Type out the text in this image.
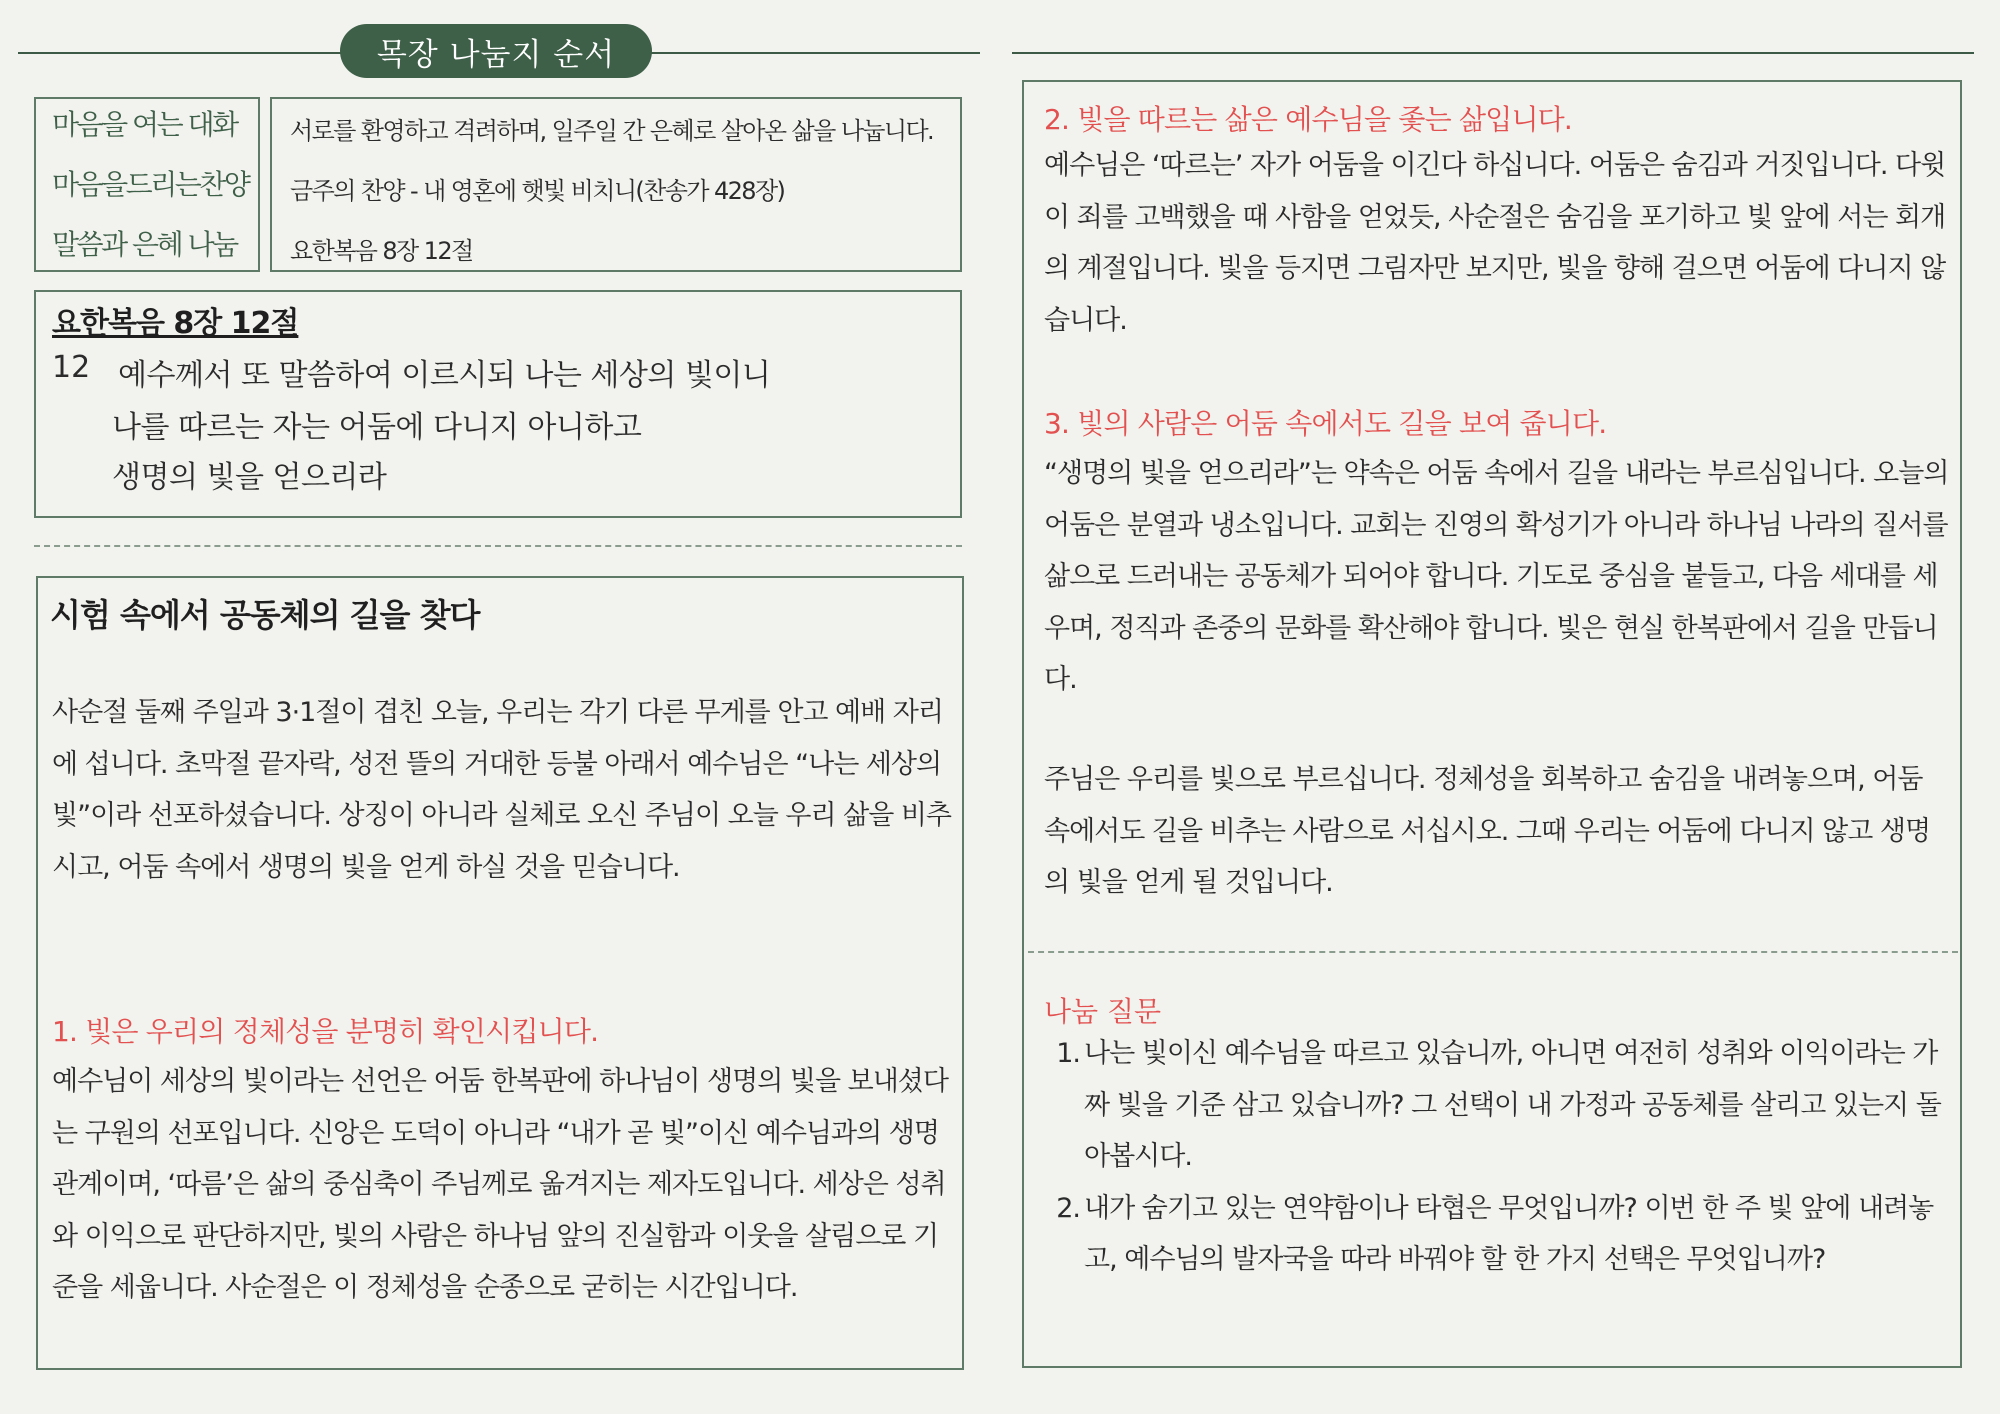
목장 나눔지 순서
마음을 여는 대화
마음을드리는찬양
말씀과 은혜 나눔
서로를 환영하고 격려하며, 일주일 간 은혜로 살아온 삶을 나눕니다.
금주의 찬양 - 내 영혼에 햇빛 비치니(찬송가 428장)
요한복음 8장 12절
요한복음 8장 12절
12 예수께서 또 말씀하여 이르시되 나는 세상의 빛이니
나를 따르는 자는 어둠에 다니지 아니하고
생명의 빛을 얻으리라
시험 속에서 공동체의 길을 찾다
사순절 둘째 주일과 3·1절이 겹친 오늘, 우리는 각기 다른 무게를 안고 예배 자리에 섭니다. 초막절 끝자락, 성전 뜰의 거대한 등불 아래서 예수님은 “나는 세상의 빛”이라 선포하셨습니다. 상징이 아니라 실체로 오신 주님이 오늘 우리 삶을 비추시고, 어둠 속에서 생명의 빛을 얻게 하실 것을 믿습니다.
1. 빛은 우리의 정체성을 분명히 확인시킵니다.
예수님이 세상의 빛이라는 선언은 어둠 한복판에 하나님이 생명의 빛을 보내셨다는 구원의 선포입니다. 신앙은 도덕이 아니라 “내가 곧 빛”이신 예수님과의 생명 관계이며, ‘따름’은 삶의 중심축이 주님께로 옮겨지는 제자도입니다. 세상은 성취와 이익으로 판단하지만, 빛의 사람은 하나님 앞의 진실함과 이웃을 살림으로 기준을 세웁니다. 사순절은 이 정체성을 순종으로 굳히는 시간입니다.
2. 빛을 따르는 삶은 예수님을 좇는 삶입니다.
예수님은 ‘따르는’ 자가 어둠을 이긴다 하십니다. 어둠은 숨김과 거짓입니다. 다윗이 죄를 고백했을 때 사함을 얻었듯, 사순절은 숨김을 포기하고 빛 앞에 서는 회개의 계절입니다. 빛을 등지면 그림자만 보지만, 빛을 향해 걸으면 어둠에 다니지 않습니다.
3. 빛의 사람은 어둠 속에서도 길을 보여 줍니다.
“생명의 빛을 얻으리라”는 약속은 어둠 속에서 길을 내라는 부르심입니다. 오늘의 어둠은 분열과 냉소입니다. 교회는 진영의 확성기가 아니라 하나님 나라의 질서를 삶으로 드러내는 공동체가 되어야 합니다. 기도로 중심을 붙들고, 다음 세대를 세우며, 정직과 존중의 문화를 확산해야 합니다. 빛은 현실 한복판에서 길을 만듭니다.
주님은 우리를 빛으로 부르십니다. 정체성을 회복하고 숨김을 내려놓으며, 어둠 속에서도 길을 비추는 사람으로 서십시오. 그때 우리는 어둠에 다니지 않고 생명의 빛을 얻게 될 것입니다.
나눔 질문
1. 나는 빛이신 예수님을 따르고 있습니까, 아니면 여전히 성취와 이익이라는 가짜 빛을 기준 삼고 있습니까? 그 선택이 내 가정과 공동체를 살리고 있는지 돌아봅시다.
2. 내가 숨기고 있는 연약함이나 타협은 무엇입니까? 이번 한 주 빛 앞에 내려놓고, 예수님의 발자국을 따라 바꿔야 할 한 가지 선택은 무엇입니까?
